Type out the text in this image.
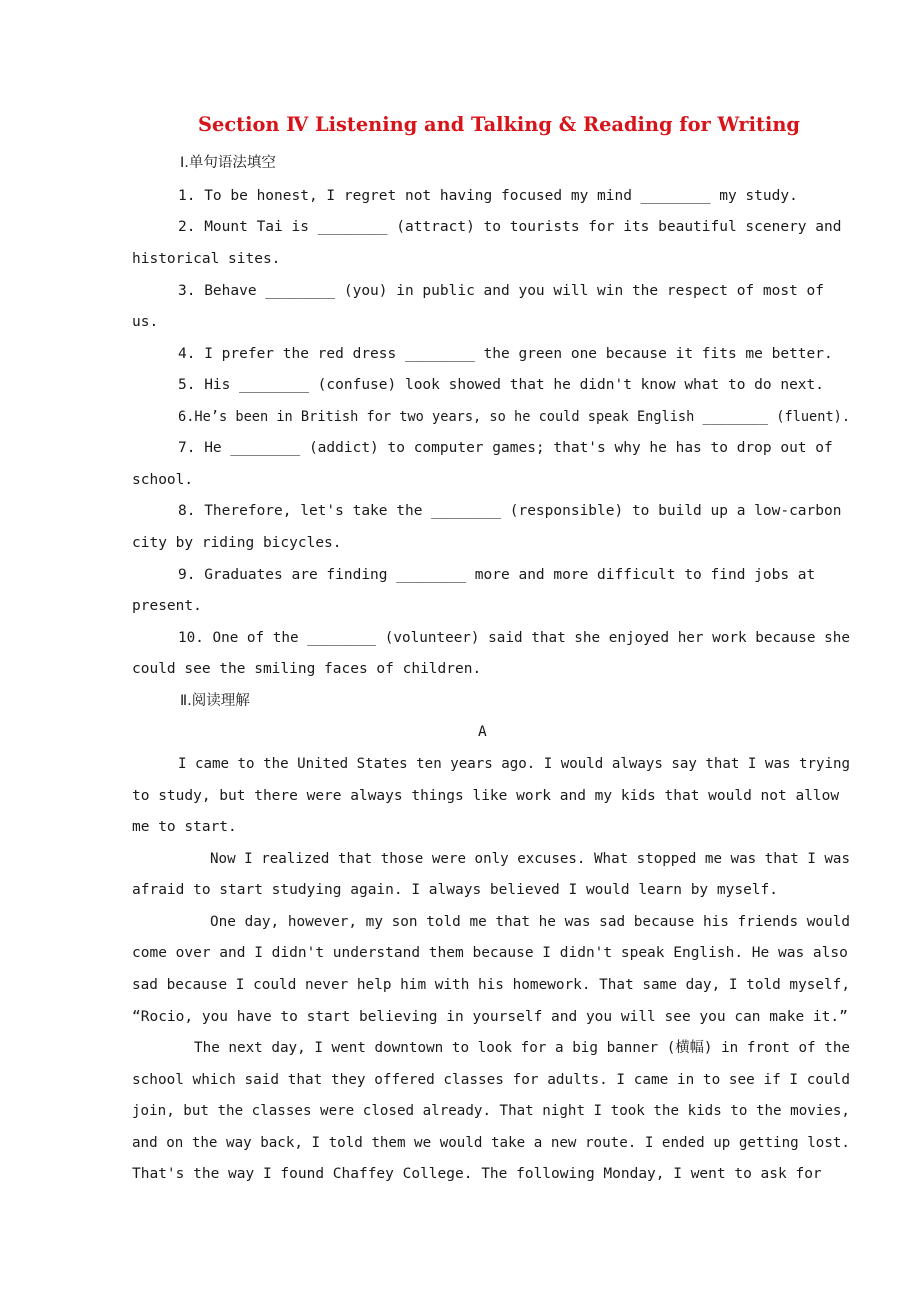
Section Ⅳ Listening and Talking & Reading for Writing
Ⅰ.单句语法填空
1. To be honest, I regret not having focused my mind ________ my study.
2. Mount Tai is ________ (attract) to tourists for its beautiful scenery and
historical sites.
3. Behave ________ (you) in public and you will win the respect of most of
us.
4. I prefer the red dress ________ the green one because it fits me better.
5. His ________ (confuse) look showed that he didn't know what to do next.
6.He’s been in British for two years, so he could speak English ________ (fluent).
7. He ________ (addict) to computer games; that's why he has to drop out of
school.
8. Therefore, let's take the ________ (responsible) to build up a low-carbon
city by riding bicycles.
9. Graduates are finding ________ more and more difficult to find jobs at
present.
10. One of the ________ (volunteer) said that she enjoyed her work because she
could see the smiling faces of children.
Ⅱ.阅读理解
A
I came to the United States ten years ago. I would always say that I was trying
to study, but there were always things like work and my kids that would not allow
me to start.
Now I realized that those were only excuses. What stopped me was that I was
afraid to start studying again. I always believed I would learn by myself.
One day, however, my son told me that he was sad because his friends would
come over and I didn't understand them because I didn't speak English. He was also
sad because I could never help him with his homework. That same day, I told myself,
“Rocio, you have to start believing in yourself and you will see you can make it.”
The next day, I went downtown to look for a big banner (横幅) in front of the
school which said that they offered classes for adults. I came in to see if I could
join, but the classes were closed already. That night I took the kids to the movies,
and on the way back, I told them we would take a new route. I ended up getting lost.
That's the way I found Chaffey College. The following Monday, I went to ask for
